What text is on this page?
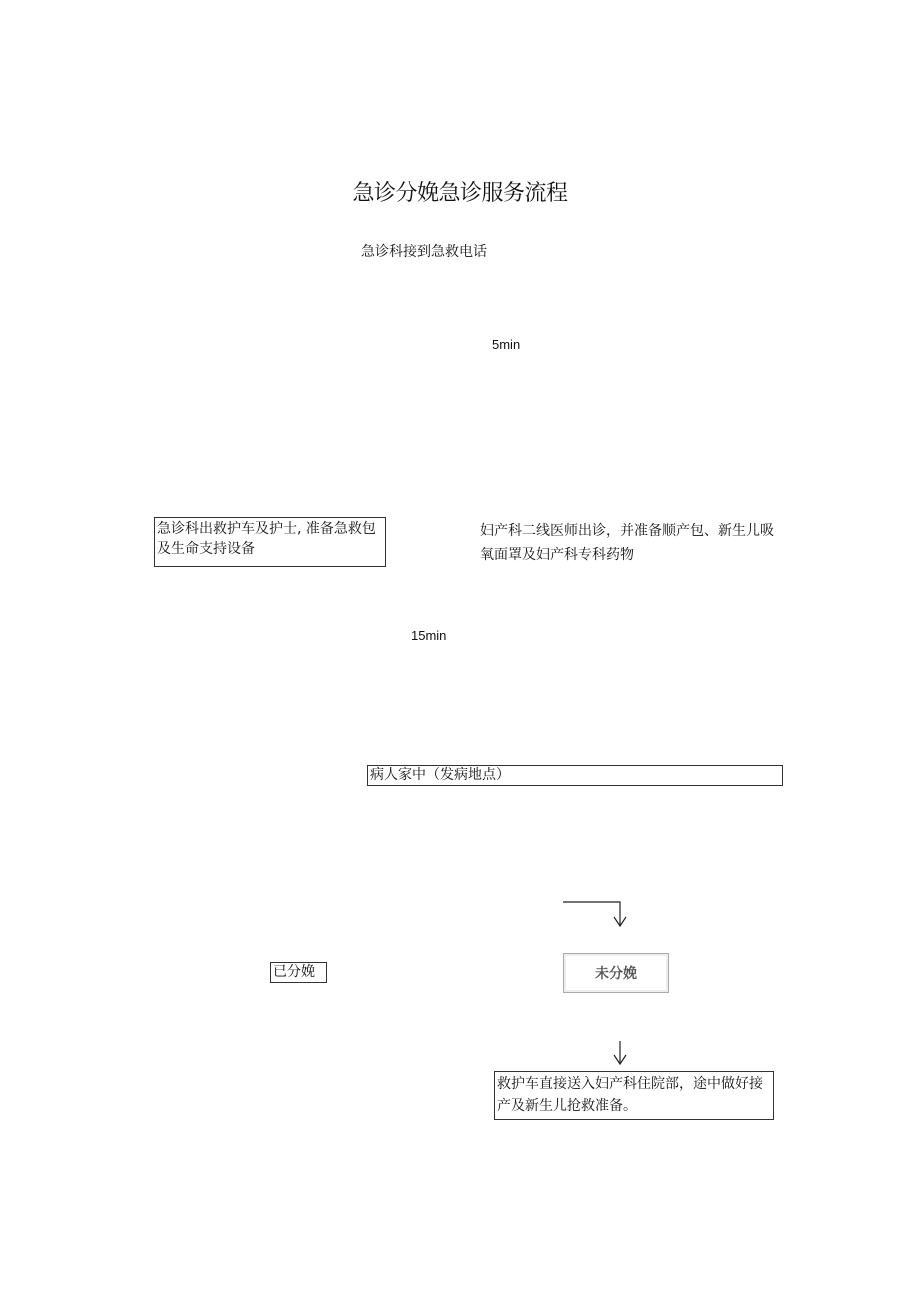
急诊分娩急诊服务流程
急诊科接到急救电话
5min
急诊科出救护车及护士, 准备急救包及生命支持设备
妇产科二线医师出诊，并准备顺产包、新生儿吸氧面罩及妇产科专科药物
15min
病人家中（发病地点）
已分娩	未分娩
救护车直接送入妇产科住院部，途中做好接产及新生儿抢救准备。
